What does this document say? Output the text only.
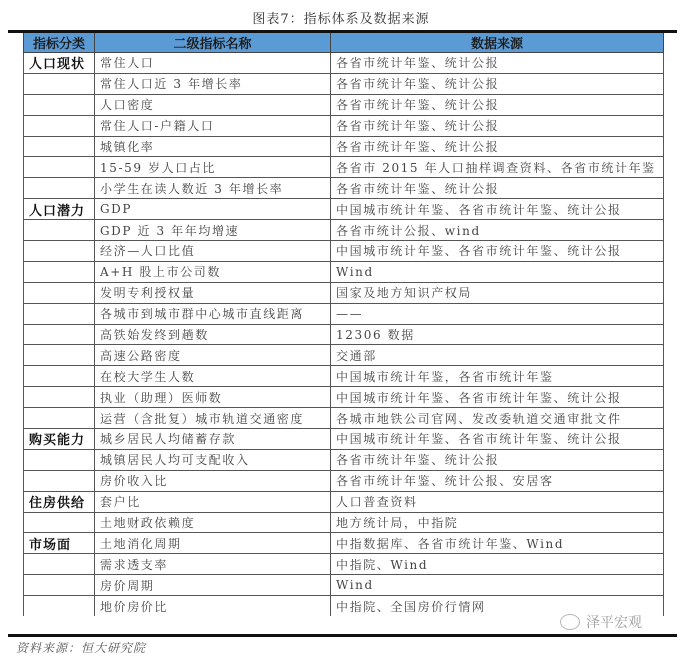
图表7：指标体系及数据来源
指标分类	二级指标名称	数据来源
人口现状	常住人口	各省市统计年鉴、统计公报
	常住人口近 3 年增长率	各省市统计年鉴、统计公报
	人口密度	各省市统计年鉴、统计公报
	常住人口-户籍人口	各省市统计年鉴、统计公报
	城镇化率	各省市统计年鉴、统计公报
	15-59 岁人口占比	各省市 2015 年人口抽样调查资料、各省市统计年鉴
	小学生在读人数近 3 年增长率	各省市统计年鉴、统计公报
人口潜力	GDP	中国城市统计年鉴、各省市统计年鉴、统计公报
	GDP 近 3 年年均增速	各省市统计公报、wind
	经济—人口比值	中国城市统计年鉴、各省市统计年鉴、统计公报
	A+H 股上市公司数	Wind
	发明专利授权量	国家及地方知识产权局
	各城市到城市群中心城市直线距离	——
	高铁始发终到趟数	12306 数据
	高速公路密度	交通部
	在校大学生人数	中国城市统计年鉴，各省市统计年鉴
	执业（助理）医师数	中国城市统计年鉴、各省市统计年鉴、统计公报
	运营（含批复）城市轨道交通密度	各城市地铁公司官网、发改委轨道交通审批文件
购买能力	城乡居民人均储蓄存款	中国城市统计年鉴、各省市统计年鉴、统计公报
	城镇居民人均可支配收入	各省市统计年鉴、统计公报
	房价收入比	各省市统计年鉴、统计公报、安居客
住房供给	套户比	人口普查资料
	土地财政依赖度	地方统计局，中指院
市场面	土地消化周期	中指数据库、各省市统计年鉴、Wind
	需求透支率	中指院、Wind
	房价周期	Wind
	地价房价比	中指院、全国房价行情网
资料来源：恒大研究院
泽平宏观
